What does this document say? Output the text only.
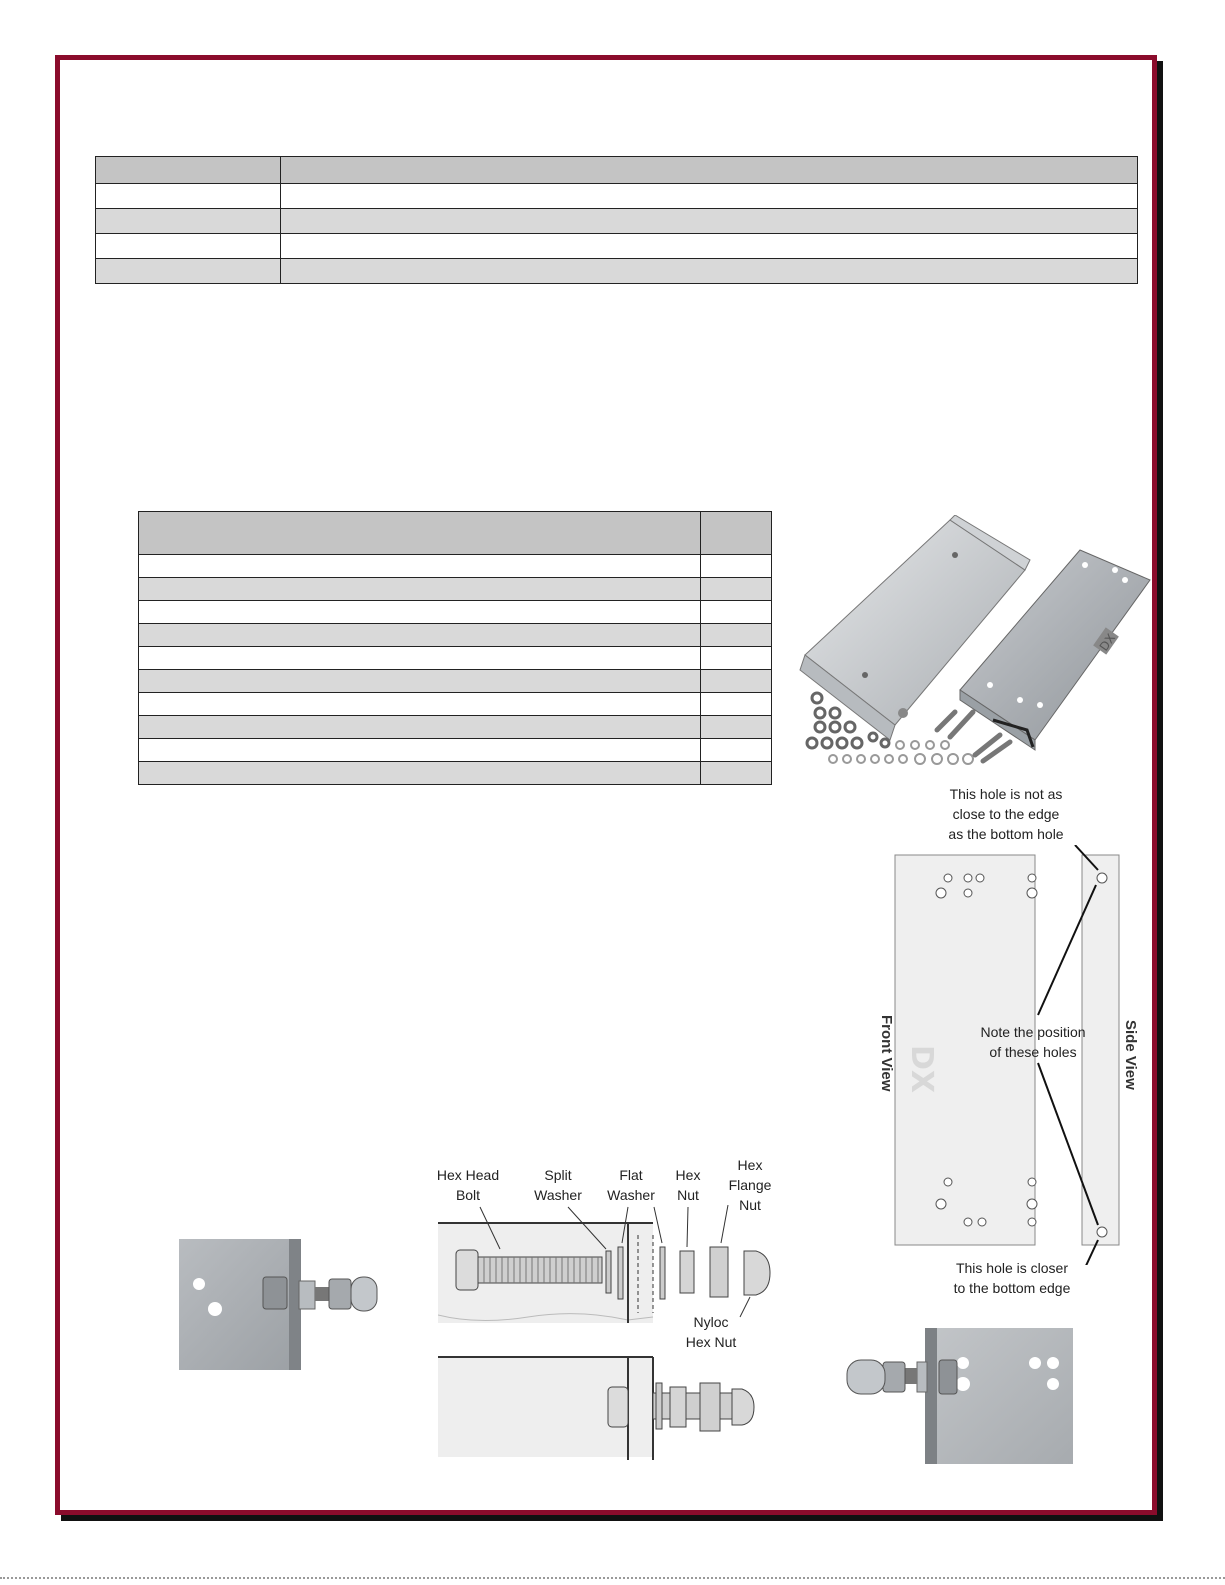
DX
This hole is not as
close to the edge
as the bottom hole
DX
Front View	Side View
Note the position
of these holes
This hole is closer
to the bottom edge
Hex Head
Bolt
Split
Washer
Flat
Washer
Hex
Nut
Hex
Flange
Nut
Nyloc
Hex Nut
